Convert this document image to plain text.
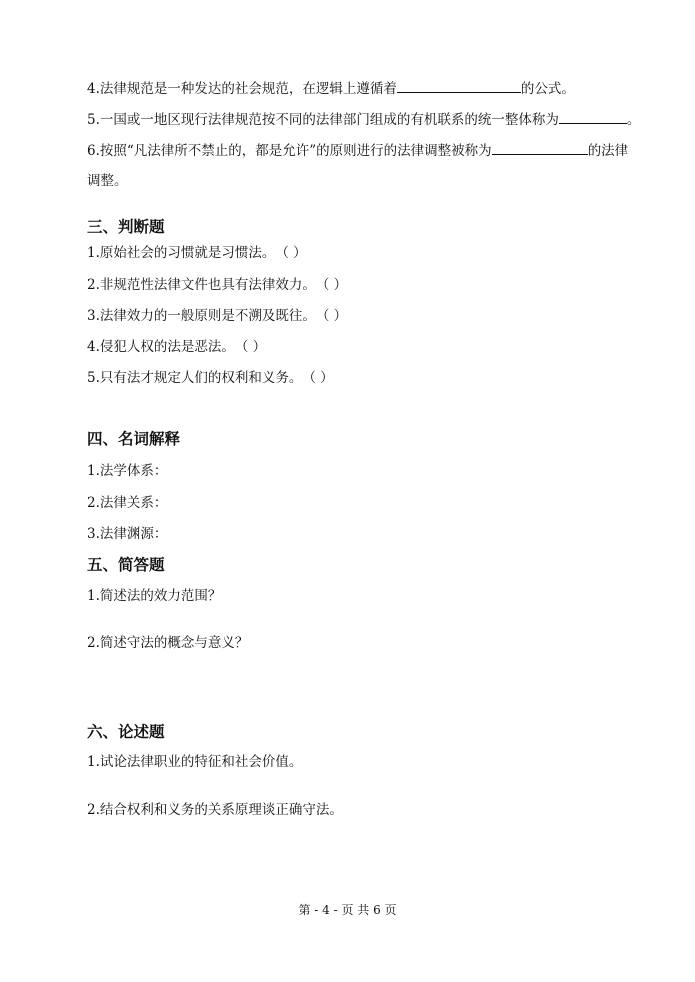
4.法律规范是一种发达的社会规范，在逻辑上遵循着	的公式。
5.一国或一地区现行法律规范按不同的法律部门组成的有机联系的统一整体称为	。
6.按照“凡法律所不禁止的，都是允许”的原则进行的法律调整被称为	的法律
调整。
三、判断题
1.原始社会的习惯就是习惯法。（ ）
2.非规范性法律文件也具有法律效力。（ ）
3.法律效力的一般原则是不溯及既往。（ ）
4.侵犯人权的法是恶法。（ ）
5.只有法才规定人们的权利和义务。（ ）
四、名词解释
1.法学体系：
2.法律关系：
3.法律渊源：
五、简答题
1.简述法的效力范围？
2.简述守法的概念与意义？
六、论述题
1.试论法律职业的特征和社会价值。
2.结合权利和义务的关系原理谈正确守法。
第 - 4 - 页 共 6 页
